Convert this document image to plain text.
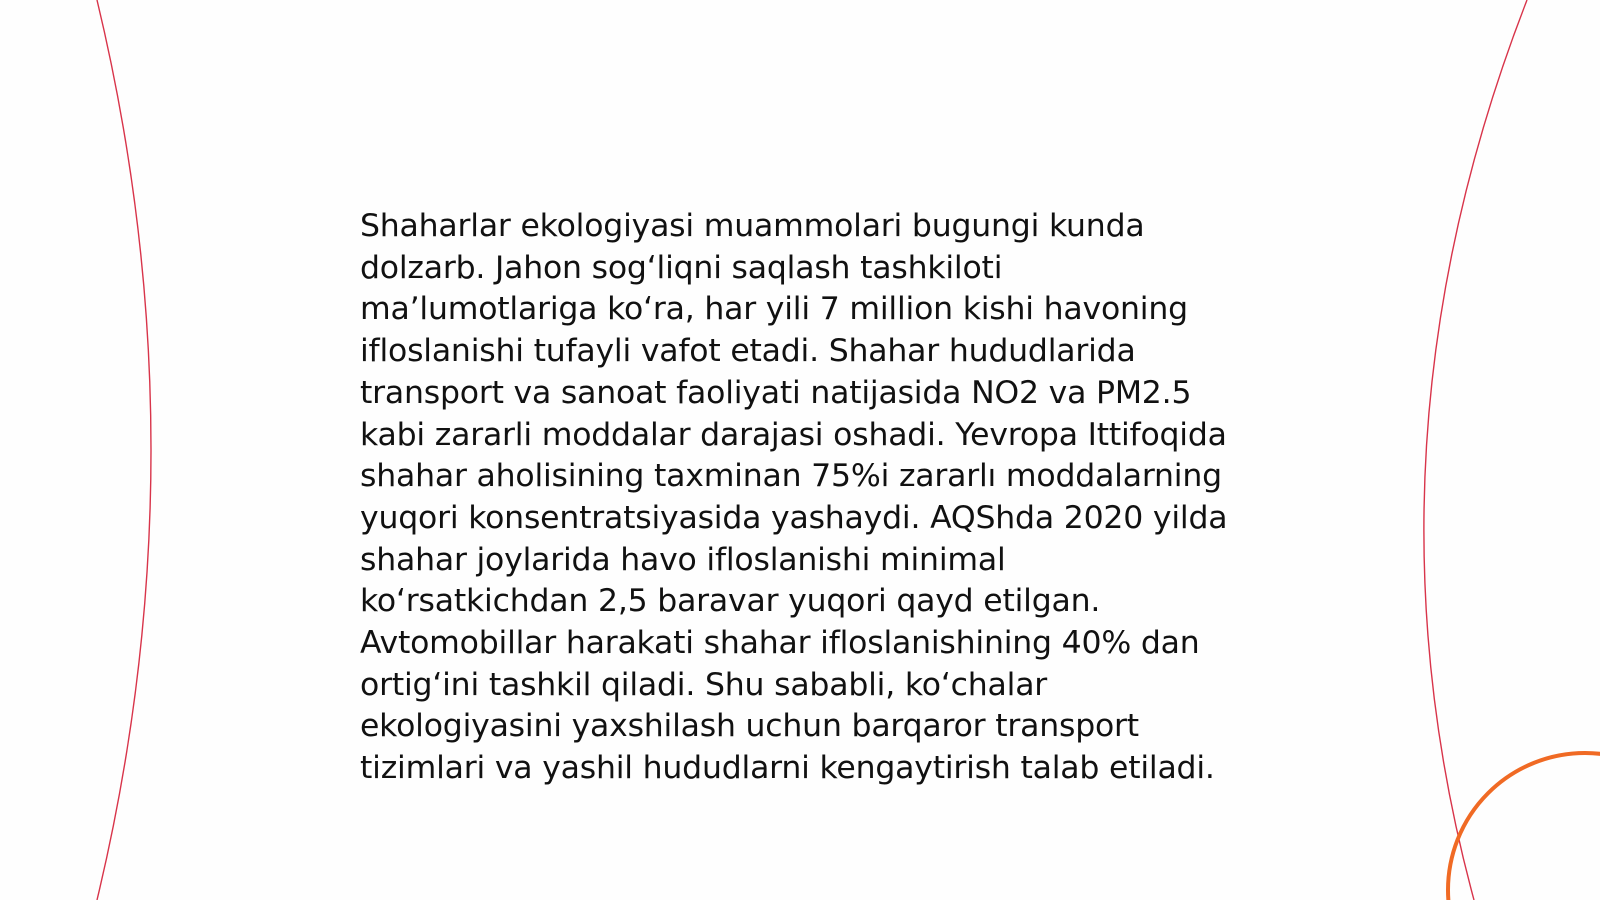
Shaharlar ekologiyasi muammolari bugungi kunda dolzarb. Jahon sog‘liqni saqlash tashkiloti ma’lumotlariga ko‘ra, har yili 7 million kishi havoning ifloslanishi tufayli vafot etadi. Shahar hududlarida transport va sanoat faoliyati natijasida NO2 va PM2.5 kabi zararli moddalar darajasi oshadi. Yevropa Ittifoqida shahar aholisining taxminan 75%i zararlı moddalarning yuqori konsentratsiyasida yashaydi. AQShda 2020 yilda shahar joylarida havo ifloslanishi minimal ko‘rsatkichdan 2,5 baravar yuqori qayd etilgan. Avtomobillar harakati shahar ifloslanishining 40% dan ortig‘ini tashkil qiladi. Shu sababli, ko‘chalar ekologiyasini yaxshilash uchun barqaror transport tizimlari va yashil hududlarni kengaytirish talab etiladi.
